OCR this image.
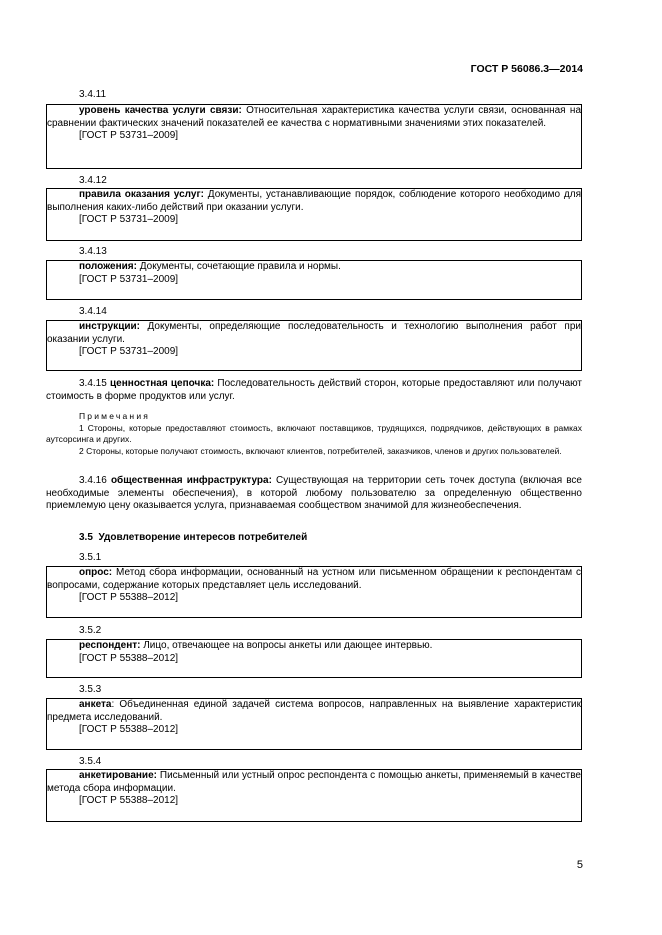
ГОСТ Р 56086.3—2014
3.4.11

уровень качества услуги связи: Относительная характеристика качества услуги связи, основанная на сравнении фактических значений показателей ее качества с нормативными значениями этих показателей.

[ГОСТ Р 53731–2009]

3.4.12

правила оказания услуг: Документы, устанавливающие порядок, соблюдение которого необходимо для выполнения каких-либо действий при оказании услуги.

[ГОСТ Р 53731–2009]

3.4.13

положения: Документы, сочетающие правила и нормы.

[ГОСТ Р 53731–2009]

3.4.14

инструкции: Документы, определяющие последовательность и технологию выполнения работ при оказании услуги.

[ГОСТ Р 53731–2009]

3.4.15 ценностная цепочка: Последовательность действий сторон, которые предоставляют или получают стоимость в форме продуктов или услуг.

Примечания

1 Стороны, которые предоставляют стоимость, включают поставщиков, трудящихся, подрядчиков, действующих в рамках аутсорсинга и других.

2 Стороны, которые получают стоимость, включают клиентов, потребителей, заказчиков, членов и других пользователей.

3.4.16 общественная инфраструктура: Существующая на территории сеть точек доступа (включая все необходимые элементы обеспечения), в которой любому пользователю за определенную общественно приемлемую цену оказывается услуга, признаваемая сообществом значимой для жизнеобеспечения.

3.5 Удовлетворение интересов потребителей
3.5.1

опрос: Метод сбора информации, основанный на устном или письменном обращении к респондентам с вопросами, содержание которых представляет цель исследований.

[ГОСТ Р 55388–2012]

3.5.2

респондент: Лицо, отвечающее на вопросы анкеты или дающее интервью.

[ГОСТ Р 55388–2012]

3.5.3

анкета: Объединенная единой задачей система вопросов, направленных на выявление характеристик предмета исследований.

[ГОСТ Р 55388–2012]

3.5.4

анкетирование: Письменный или устный опрос респондента с помощью анкеты, применяемый в качестве метода сбора информации.

[ГОСТ Р 55388–2012]

5
